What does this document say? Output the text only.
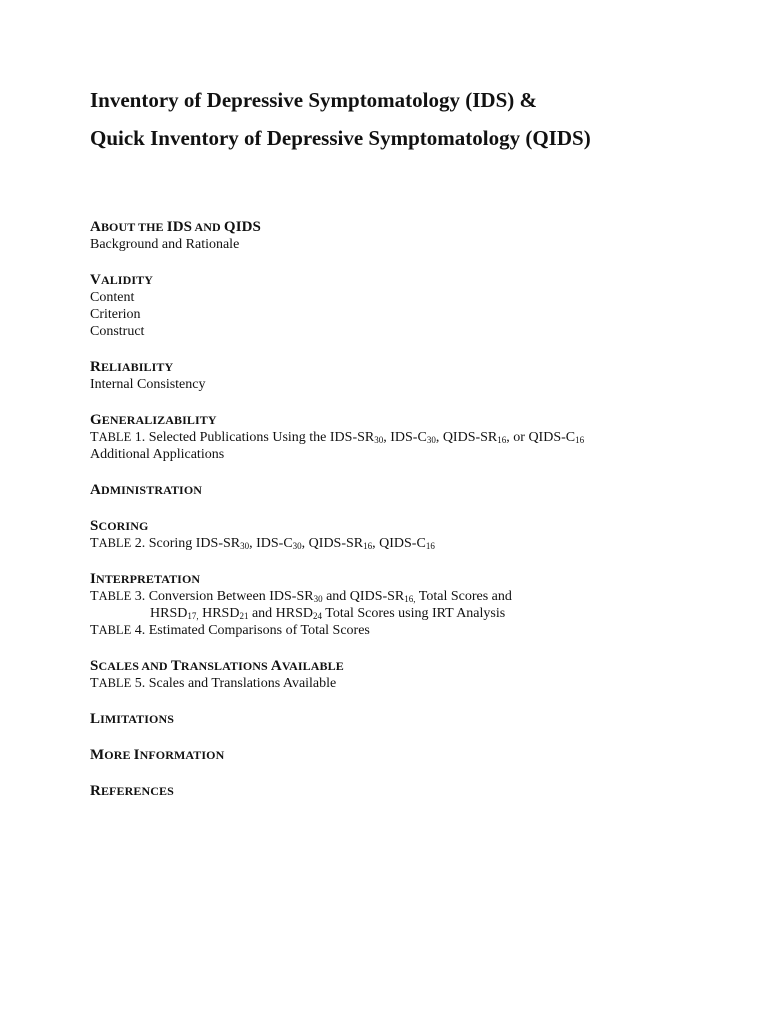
Inventory of Depressive Symptomatology (IDS) &
Quick Inventory of Depressive Symptomatology (QIDS)
ABOUT THE IDS AND QIDS
Background and Rationale
VALIDITY
Content
Criterion
Construct
RELIABILITY
Internal Consistency
GENERALIZABILITY
TABLE 1. Selected Publications Using the IDS-$SR_{30}$, IDS-$C_{30}$, QIDS-$SR_{16}$, or QIDS-$C_{16}$
Additional Applications
ADMINISTRATION
SCORING
TABLE 2. Scoring IDS-$SR_{30}$, IDS-$C_{30}$, QIDS-$SR_{16}$, QIDS-$C_{16}$
INTERPRETATION
TABLE 3. Conversion Between IDS-$SR_{30}$ and QIDS-$SR_{16,}$ Total Scores and
$HRSD_{17,}$ $HRSD_{21}$ and $HRSD_{24}$ Total Scores using IRT Analysis
TABLE 4. Estimated Comparisons of Total Scores
SCALES AND TRANSLATIONS AVAILABLE
TABLE 5. Scales and Translations Available
LIMITATIONS
MORE INFORMATION
REFERENCES
